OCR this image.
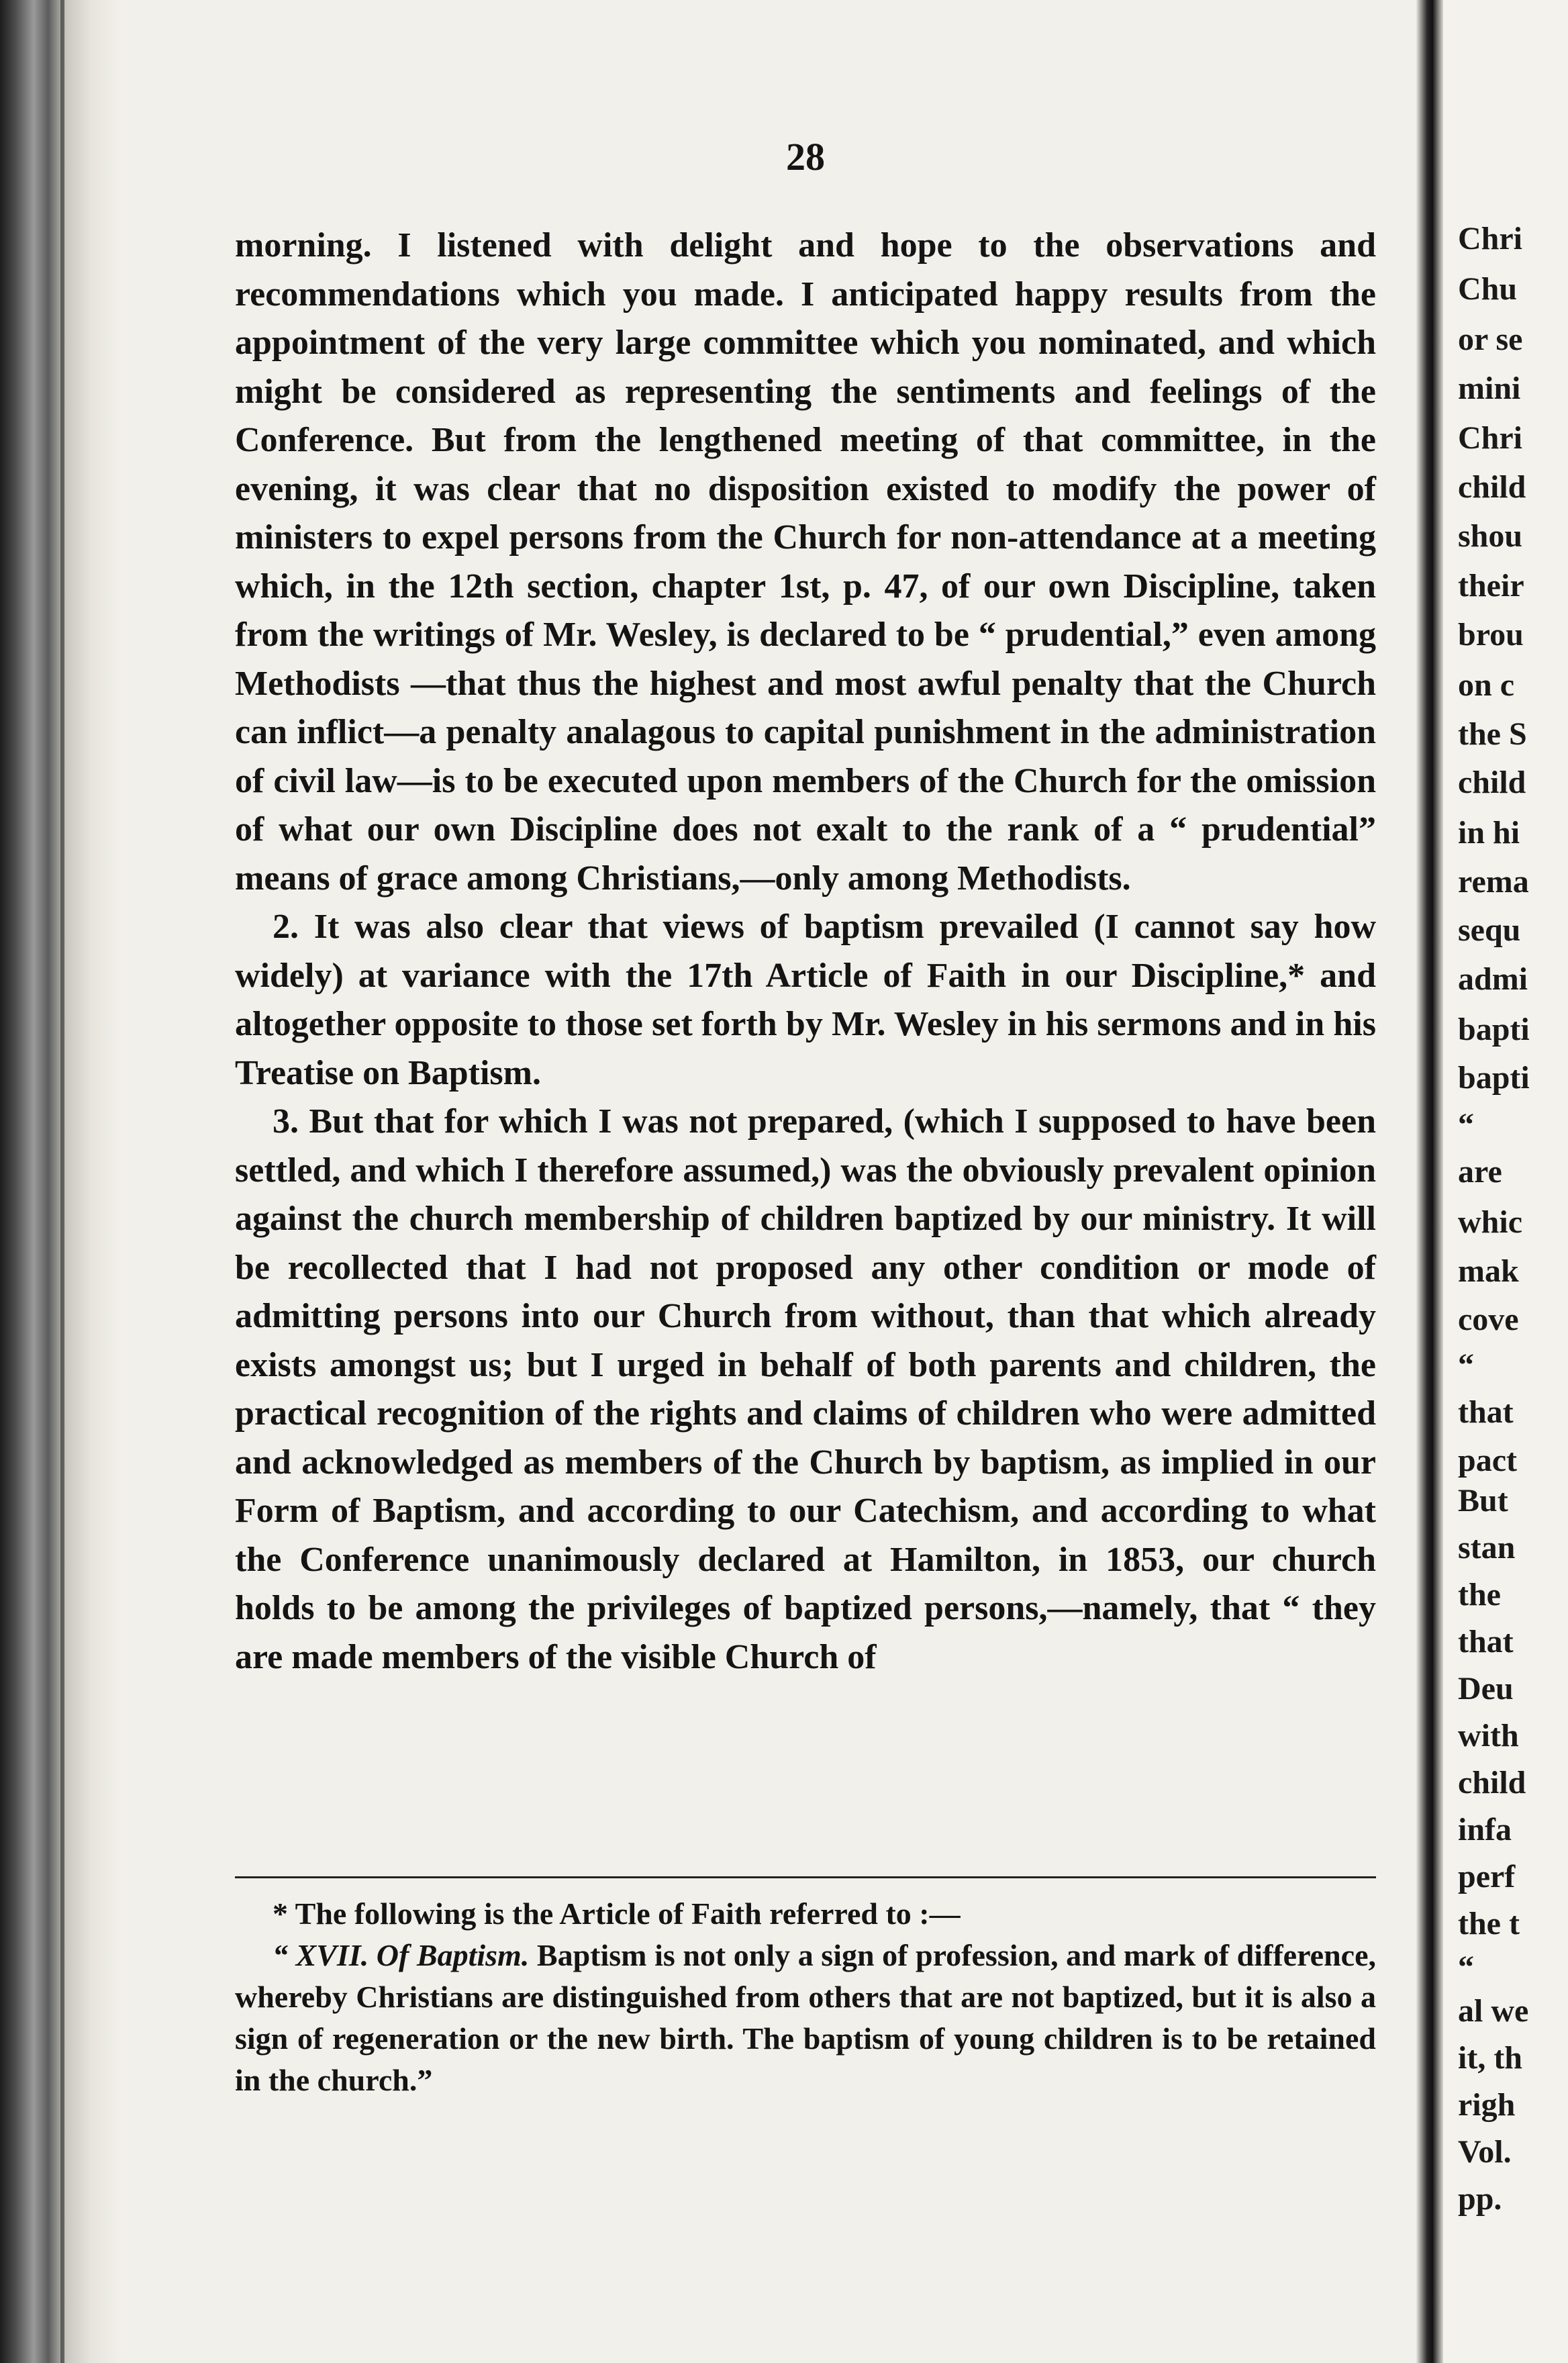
Chri

Chu

or se

mini

Chri

child

shou

their

brou

on c

the S

child

in hi

rema

sequ

admi

bapti

bapti

“

are

whic

mak

cove

“

that

pact

But

stan

the

that

Deu

with

child

infa

perf

the t

“

al we

it, th

righ

Vol.

pp.

28

morning. I listened with delight and hope to the observations and recommendations which you made. I anticipated happy results from the appointment of the very large committee which you nominated, and which might be considered as representing the sentiments and feelings of the Conference. But from the lengthened meeting of that committee, in the evening, it was clear that no disposition existed to modify the power of ministers to expel persons from the Church for non-attendance at a meeting which, in the 12th section, chapter 1st, p. 47, of our own Discipline, taken from the writings of Mr. Wesley, is declared to be “ prudential,” even among Methodists —that thus the highest and most awful penalty that the Church can inflict—a penalty analagous to capital punishment in the administration of civil law—is to be executed upon members of the Church for the omission of what our own Discipline does not exalt to the rank of a “ prudential” means of grace among Christians,—only among Methodists.

2. It was also clear that views of baptism prevailed (I cannot say how widely) at variance with the 17th Article of Faith in our Discipline,* and altogether opposite to those set forth by Mr. Wesley in his sermons and in his Treatise on Baptism.

3. But that for which I was not prepared, (which I supposed to have been settled, and which I therefore assumed,) was the obviously prevalent opinion against the church membership of children baptized by our ministry. It will be recollected that I had not proposed any other condition or mode of admitting persons into our Church from without, than that which already exists amongst us; but I urged in behalf of both parents and children, the practical recognition of the rights and claims of children who were admitted and acknowledged as members of the Church by baptism, as implied in our Form of Baptism, and according to our Catechism, and according to what the Conference unanimously declared at Hamilton, in 1853, our church holds to be among the privileges of baptized persons,—namely, that “ they are made members of the visible Church of

* The following is the Article of Faith referred to :—

“ XVII. Of Baptism. Baptism is not only a sign of profession, and mark of difference, whereby Christians are distinguished from others that are not baptized, but it is also a sign of regeneration or the new birth. The baptism of young children is to be retained in the church.”
